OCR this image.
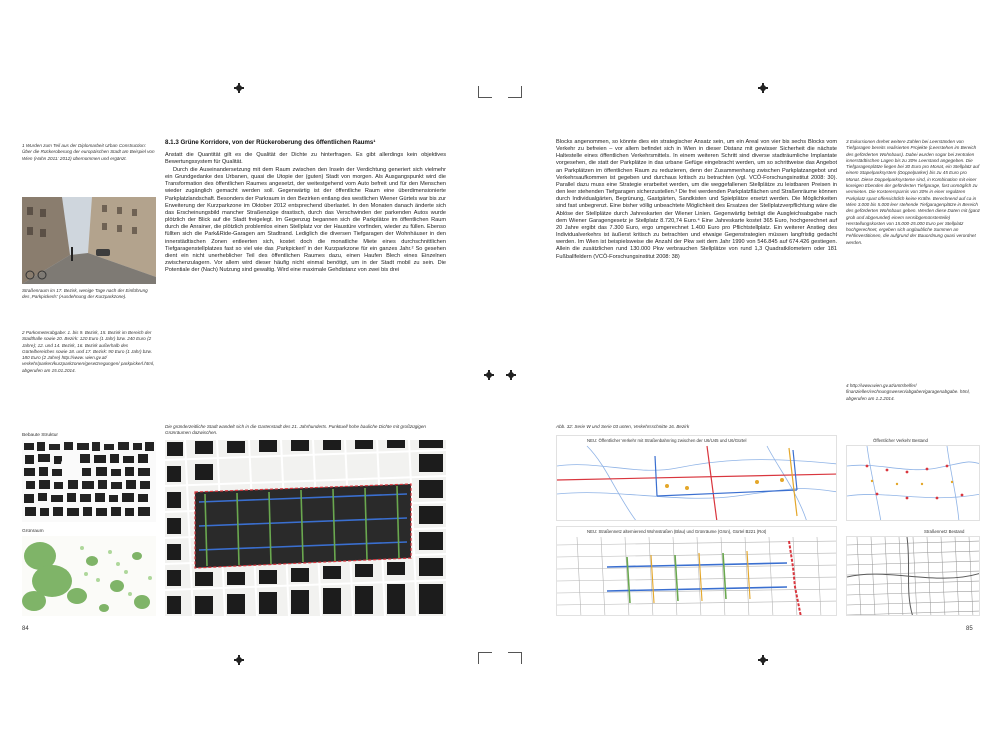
1 Wurden zum Teil aus der Diplomarbeit Urban Construction: Über die Rückeroberung der europäischen Stadt am Beispiel von Wien (Hahn 2011: 2012) übernommen und ergänzt.
Straßenraum im 17. Bezirk, wenige Tage nach der Einführung des ‚Parkpickerls' (Ausdehnung der Kurzparkzone).
2 Parkometerabgabe: 1. bis 9. Bezirk, 15. Bezirk im Bereich der Stadthalle sowie 20. Bezirk: 120 Euro (1 Jahr) bzw. 240 Euro (2 Jahre); 12. und 14. Bezirk, 16. Bezirk außerhalb des Gürtelbereiches sowie 18. und 17. Bezirk: 90 Euro (1 Jahr) bzw. 180 Euro (2 Jahre) http://www. wien.gv.at/ verkehr/parken/kurzparkzonen/gesetzregungen/ parkpickerl.html, abgerufen am 15.01.2014.
Bebaute Struktur
Grünraum
8.1.3 Grüne Korridore, von der Rückeroberung des öffentlichen Raums¹
Anstatt die Quantität gilt es die Qualität der Dichte zu hinterfragen. Es gibt allerdings kein objektives Bewertungssystem für Qualität.
Durch die Auseinandersetzung mit dem Raum zwischen den Inseln der Verdichtung generiert sich vielmehr ein Grundgedanke des Urbanen, quasi die Utopie der (guten) Stadt von morgen. Als Ausgangspunkt wird die Transformation des öffentlichen Raumes angesetzt, der weitestgehend vom Auto befreit und für den Menschen wieder zugänglich gemacht werden soll. Gegenwärtig ist der öffentliche Raum eine überdimensionierte Parkplatzlandschaft. Besonders der Parkraum in den Bezirken entlang des westlichen Wiener Gürtels war bis zur Erweiterung der Kurzparkzone im Oktober 2012 entsprechend überlastet. In den Monaten danach änderte sich das Erscheinungsbild mancher Straßenzüge drastisch, durch das Verschwinden der parkenden Autos wurde plötzlich der Blick auf die Stadt freigelegt. Im Gegenzug begannen sich die Parkplätze im öffentlichen Raum durch die Anrainer, die plötzlich problemlos einen Stellplatz vor der Haustüre vorfinden, wieder zu füllen. Ebenso füllten sich die Park&Ride-Garagen am Stadtrand. Lediglich die diversen Tiefgaragen der Wohnhäuser in den innerstädtischen Zonen entleerten sich, kostet doch die monatliche Miete eines durchschnittlichen Tiefgaragenstellplatzes fast so viel wie das ‚Parkpickerl' in der Kurzparkzone für ein ganzes Jahr.² So gesehen dient ein nicht unerheblicher Teil des öffentlichen Raumes dazu, einen Haufen Blech eines Einzelnen zwischenzulagern. Vor allem wird dieser häufig nicht einmal benötigt, um in der Stadt mobil zu sein. Die Potentiale der (Nach) Nutzung sind gewaltig. Wird eine maximale Gehdistanz von zwei bis drei
Die gründerzeitliche Stadt wandelt sich in die Gartenstadt des 21. Jahrhunderts. Punktuell hohe bauliche Dichte mit großzügigen Grünräumen dazwischen.
84
Blocks angenommen, so könnte dies ein strategischer Ansatz sein, um ein Areal von vier bis sechs Blocks vom Verkehr zu befreien – vor allem befindet sich in Wien in dieser Distanz mit gewisser Sicherheit die nächste Haltestelle eines öffentlichen Verkehrsmittels. In einem weiteren Schritt sind diverse stadträumliche Implantate vorgesehen, die statt der Parkplätze in das urbane Gefüge eingebracht werden, um so schrittweise das Angebot an Parkplätzen im öffentlichen Raum zu reduzieren, denn der Zusammenhang zwischen Parkplatzangebot und Verkehrsaufkommen ist gegeben und durchaus kritisch zu betrachten (vgl. VCÖ-Forschungsinstitut 2008: 30). Parallel dazu muss eine Strategie erarbeitet werden, um die weggefallenen Stellplätze zu leistbaren Preisen in den leer stehenden Tiefgaragen sicherzustellen.³ Die frei werdenden Parkplatzflächen und Straßenräume können durch Individualgärten, Begrünung, Gastgärten, Sandkisten und Spielplätze ersetzt werden. Die Möglichkeiten sind fast unbegrenzt. Eine bisher völlig unbeachtete Möglichkeit des Ersatzes der Stellplatzverpflichtung wäre die Ablöse der Stellplätze durch Jahreskarten der Wiener Linien. Gegenwärtig beträgt die Ausgleichsabgabe nach dem Wiener Garagengesetz je Stellplatz 8.720,74 Euro.⁴ Eine Jahreskarte kostet 365 Euro, hochgerechnet auf 20 Jahre ergibt das 7.300 Euro, ergo umgerechnet 1.400 Euro pro Pflichtstellplatz. Ein weiterer Anstieg des Individualverkehrs ist äußerst kritisch zu betrachten und etwaige Gegenstrategien müssen langfristig gedacht werden. Im Wien ist beispielsweise die Anzahl der Pkw seit dem Jahr 1990 von 546.845 auf 674.426 gestiegen. Allein die zusätzlichen rund 130.000 Pkw verbrauchen Stellplätze von rund 1,3 Quadratkilometern oder 181 Fußballfeldern (VCÖ-Forschungsinstitut 2008: 38)
Abb. 32: Serie W und Serie 03 unten, Verkehrsschnitte 16. Bezirk
NEU: Öffentlicher Verkehr mit Straßenbahnring zwischen der U6/U45 und U6/Gürtel
NEU: Straßennetz alternierend Wohnstraßen (Blau) und Grünräume (Grün), Gürtel B221 (Rot)
Öffentlicher Verkehr Bestand
Straßennetz Bestand
3 Exkursionen drehet weitere Zahlen bei Leerständen von Tiefgaragen bereits realisierten Projekte (Leerstehen im Bereich des geförderten Wohnbaus). Dabei wurden sogar bei zentralen innerstädtischen Lagen bis zu 30% Leerstand angegeben. Die Tiefgaragenplätze liegen bei 30 Euro pro Monat, ein Stellplatz auf einem Stapelparksystem (Doppelparker) bis zu 45 Euro pro Monat. Diese Doppelparksysteme sind, in Kombination mit einer koreigen Ebenden der geförderten Tiefgarage, fast unmöglich zu vermieten. Die Kosterersparnis von 30% in einer regulären Parkplatz spart offensichtlich keine Kräfte. Berechnend auf ca in Wien 3.000 bis 5.000 leer stehende Tiefgaragenplätze in Bereich des geförderten Wohnbaus geben. Werden diese Daten mit (ganz grob und abgerundet) einem sensibgemünsterteile) Herstellungskosten von 15.000-25.000 Euro per Stellplatz hochgerechnet, ergeben sich unglaubliche Summen an Fehlinvestitionen, die aufgrund der Bauordnung quasi verordnet werden.
4 http://www.wien.gv.at/amtshelfer/ finanzielles/rechnungswesen/abgaben/garagenabgabe. html, abgerufen am 1.2.2014.
85
